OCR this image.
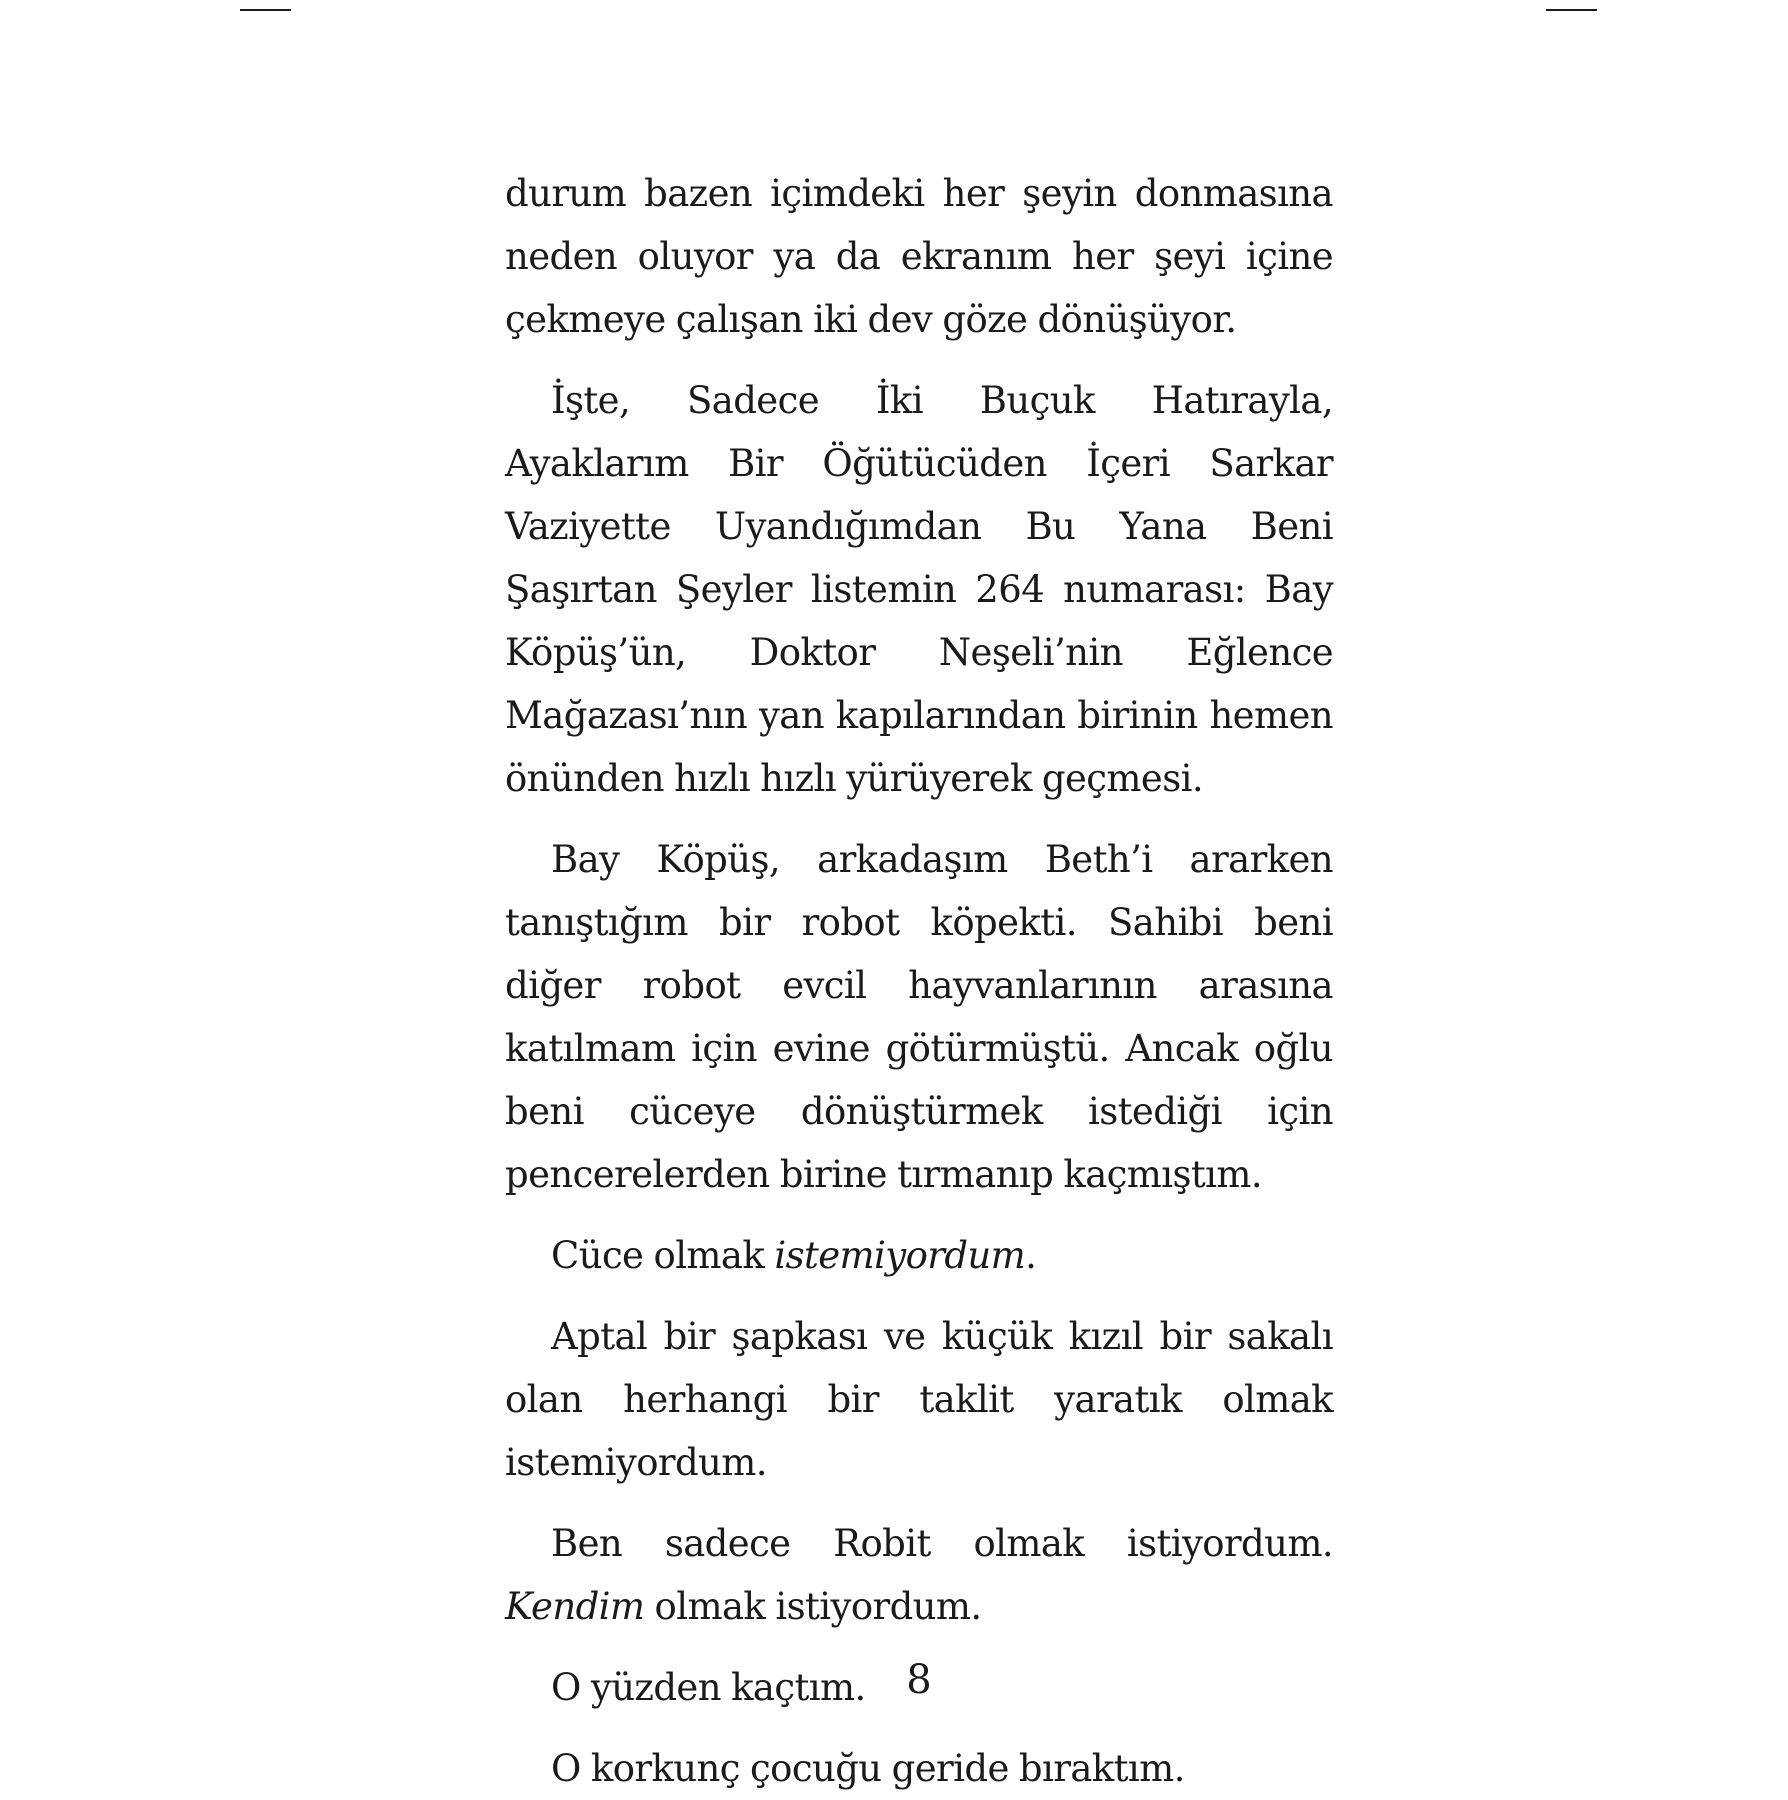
durum bazen içimdeki her şeyin donmasına neden oluyor ya da ekranım her şeyi içine çekmeye çalışan iki dev göze dönüşüyor.

İşte, Sadece İki Buçuk Hatırayla, Ayaklarım Bir Öğütücüden İçeri Sarkar Vaziyette Uyandığımdan Bu Yana Beni Şaşırtan Şeyler listemin 264 numarası: Bay Köpüş’ün, Doktor Neşeli’nin Eğlence Mağazası’nın yan kapılarından birinin hemen önünden hızlı hızlı yürüyerek geçmesi.

Bay Köpüş, arkadaşım Beth’i ararken tanıştığım bir robot köpekti. Sahibi beni diğer robot evcil hayvanlarının arasına katılmam için evine götürmüştü. Ancak oğlu beni cüceye dönüştürmek istediği için pencerelerden birine tırmanıp kaçmıştım.

Cüce olmak istemiyordum.

Aptal bir şapkası ve küçük kızıl bir sakalı olan herhangi bir taklit yaratık olmak istemiyordum.

Ben sadece Robit olmak istiyordum. Kendim olmak istiyordum.

O yüzden kaçtım.

O korkunç çocuğu geride bıraktım.

8
